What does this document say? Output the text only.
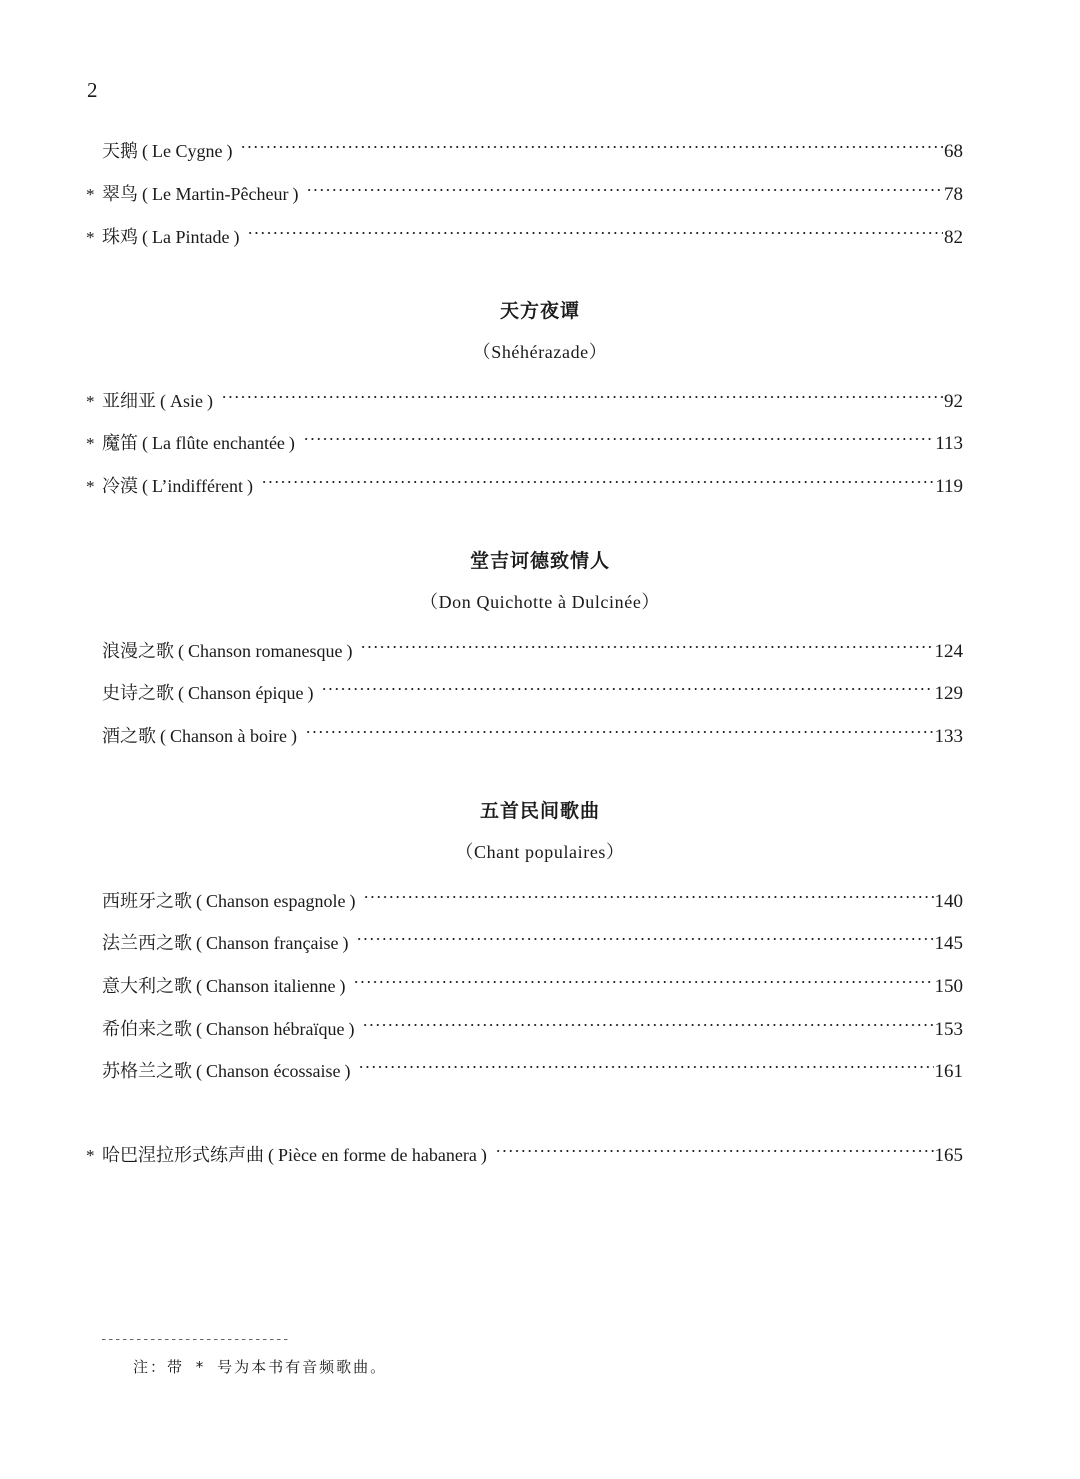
2
天鹅 ( Le Cygne )	68
* 翠鸟 ( Le Martin-Pêcheur )	78
* 珠鸡 ( La Pintade )	82
天方夜谭
（Shéhérazade）
* 亚细亚 ( Asie )	92
* 魔笛 ( La flûte enchantée )	113
* 冷漠 ( L’indifférent )	119
堂吉诃德致情人
（Don Quichotte à Dulcinée）
浪漫之歌 ( Chanson romanesque )	124
史诗之歌 ( Chanson épique )	129
酒之歌 ( Chanson à boire )	133
五首民间歌曲
（Chant populaires）
西班牙之歌 ( Chanson espagnole )	140
法兰西之歌 ( Chanson française )	145
意大利之歌 ( Chanson italienne )	150
希伯来之歌 ( Chanson hébraïque )	153
苏格兰之歌 ( Chanson écossaise )	161
* 哈巴涅拉形式练声曲 ( Pièce en forme de habanera )	165
注：带 * 号为本书有音频歌曲。
